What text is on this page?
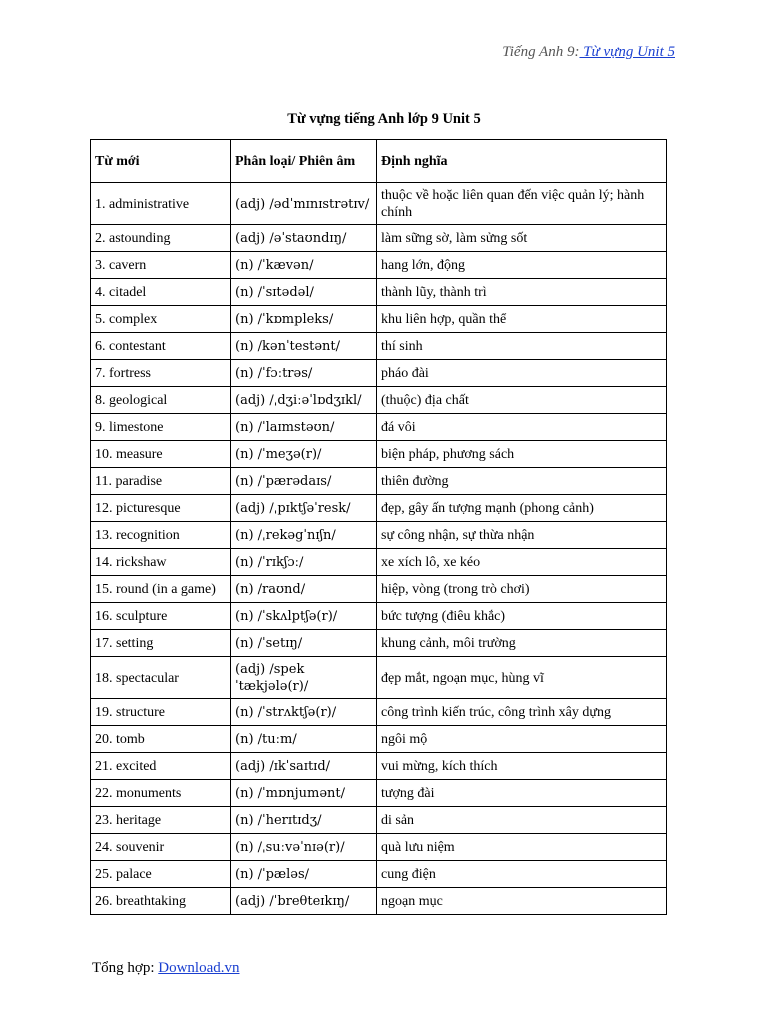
Tiếng Anh 9: Từ vựng Unit 5
Từ vựng tiếng Anh lớp 9 Unit 5
Từ mới	Phân loại/ Phiên âm	Định nghĩa
1. administrative	(adj) /ədˈmɪnɪstrətɪv/	thuộc về hoặc liên quan đến việc quản lý; hành chính
2. astounding	(adj) /əˈstaʊndɪŋ/	làm sững sờ, làm sửng sốt
3. cavern	(n) /ˈkævən/	hang lớn, động
4. citadel	(n) /ˈsɪtədəl/	thành lũy, thành trì
5. complex	(n) /ˈkɒmpleks/	khu liên hợp, quần thể
6. contestant	(n) /kənˈtestənt/	thí sinh
7. fortress	(n) /ˈfɔːtrəs/	pháo đài
8. geological	(adj) /ˌdʒiːəˈlɒdʒɪkl/	(thuộc) địa chất
9. limestone	(n) /ˈlaɪmstəʊn/	đá vôi
10. measure	(n) /ˈmeʒə(r)/	biện pháp, phương sách
11. paradise	(n) /ˈpærədaɪs/	thiên đường
12. picturesque	(adj) /ˌpɪktʃəˈresk/	đẹp, gây ấn tượng mạnh (phong cảnh)
13. recognition	(n) /ˌrekəgˈnɪʃn/	sự công nhận, sự thừa nhận
14. rickshaw	(n) /ˈrɪkʃɔː/	xe xích lô, xe kéo
15. round (in a game)	(n) /raʊnd/	hiệp, vòng (trong trò chơi)
16. sculpture	(n) /ˈskʌlptʃə(r)/	bức tượng (điêu khắc)
17. setting	(n) /ˈsetɪŋ/	khung cảnh, môi trường
18. spectacular	(adj) /spekˈtækjələ(r)/	đẹp mắt, ngoạn mục, hùng vĩ
19. structure	(n) /ˈstrʌktʃə(r)/	công trình kiến trúc, công trình xây dựng
20. tomb	(n) /tuːm/	ngôi mộ
21. excited	(adj) /ɪkˈsaɪtɪd/	vui mừng, kích thích
22. monuments	(n) /ˈmɒnjumənt/	tượng đài
23. heritage	(n) /ˈherɪtɪdʒ/	di sản
24. souvenir	(n) /ˌsuːvəˈnɪə(r)/	quà lưu niệm
25. palace	(n) /ˈpæləs/	cung điện
26. breathtaking	(adj) /ˈbreθteɪkɪŋ/	ngoạn mục
Tổng hợp: Download.vn
